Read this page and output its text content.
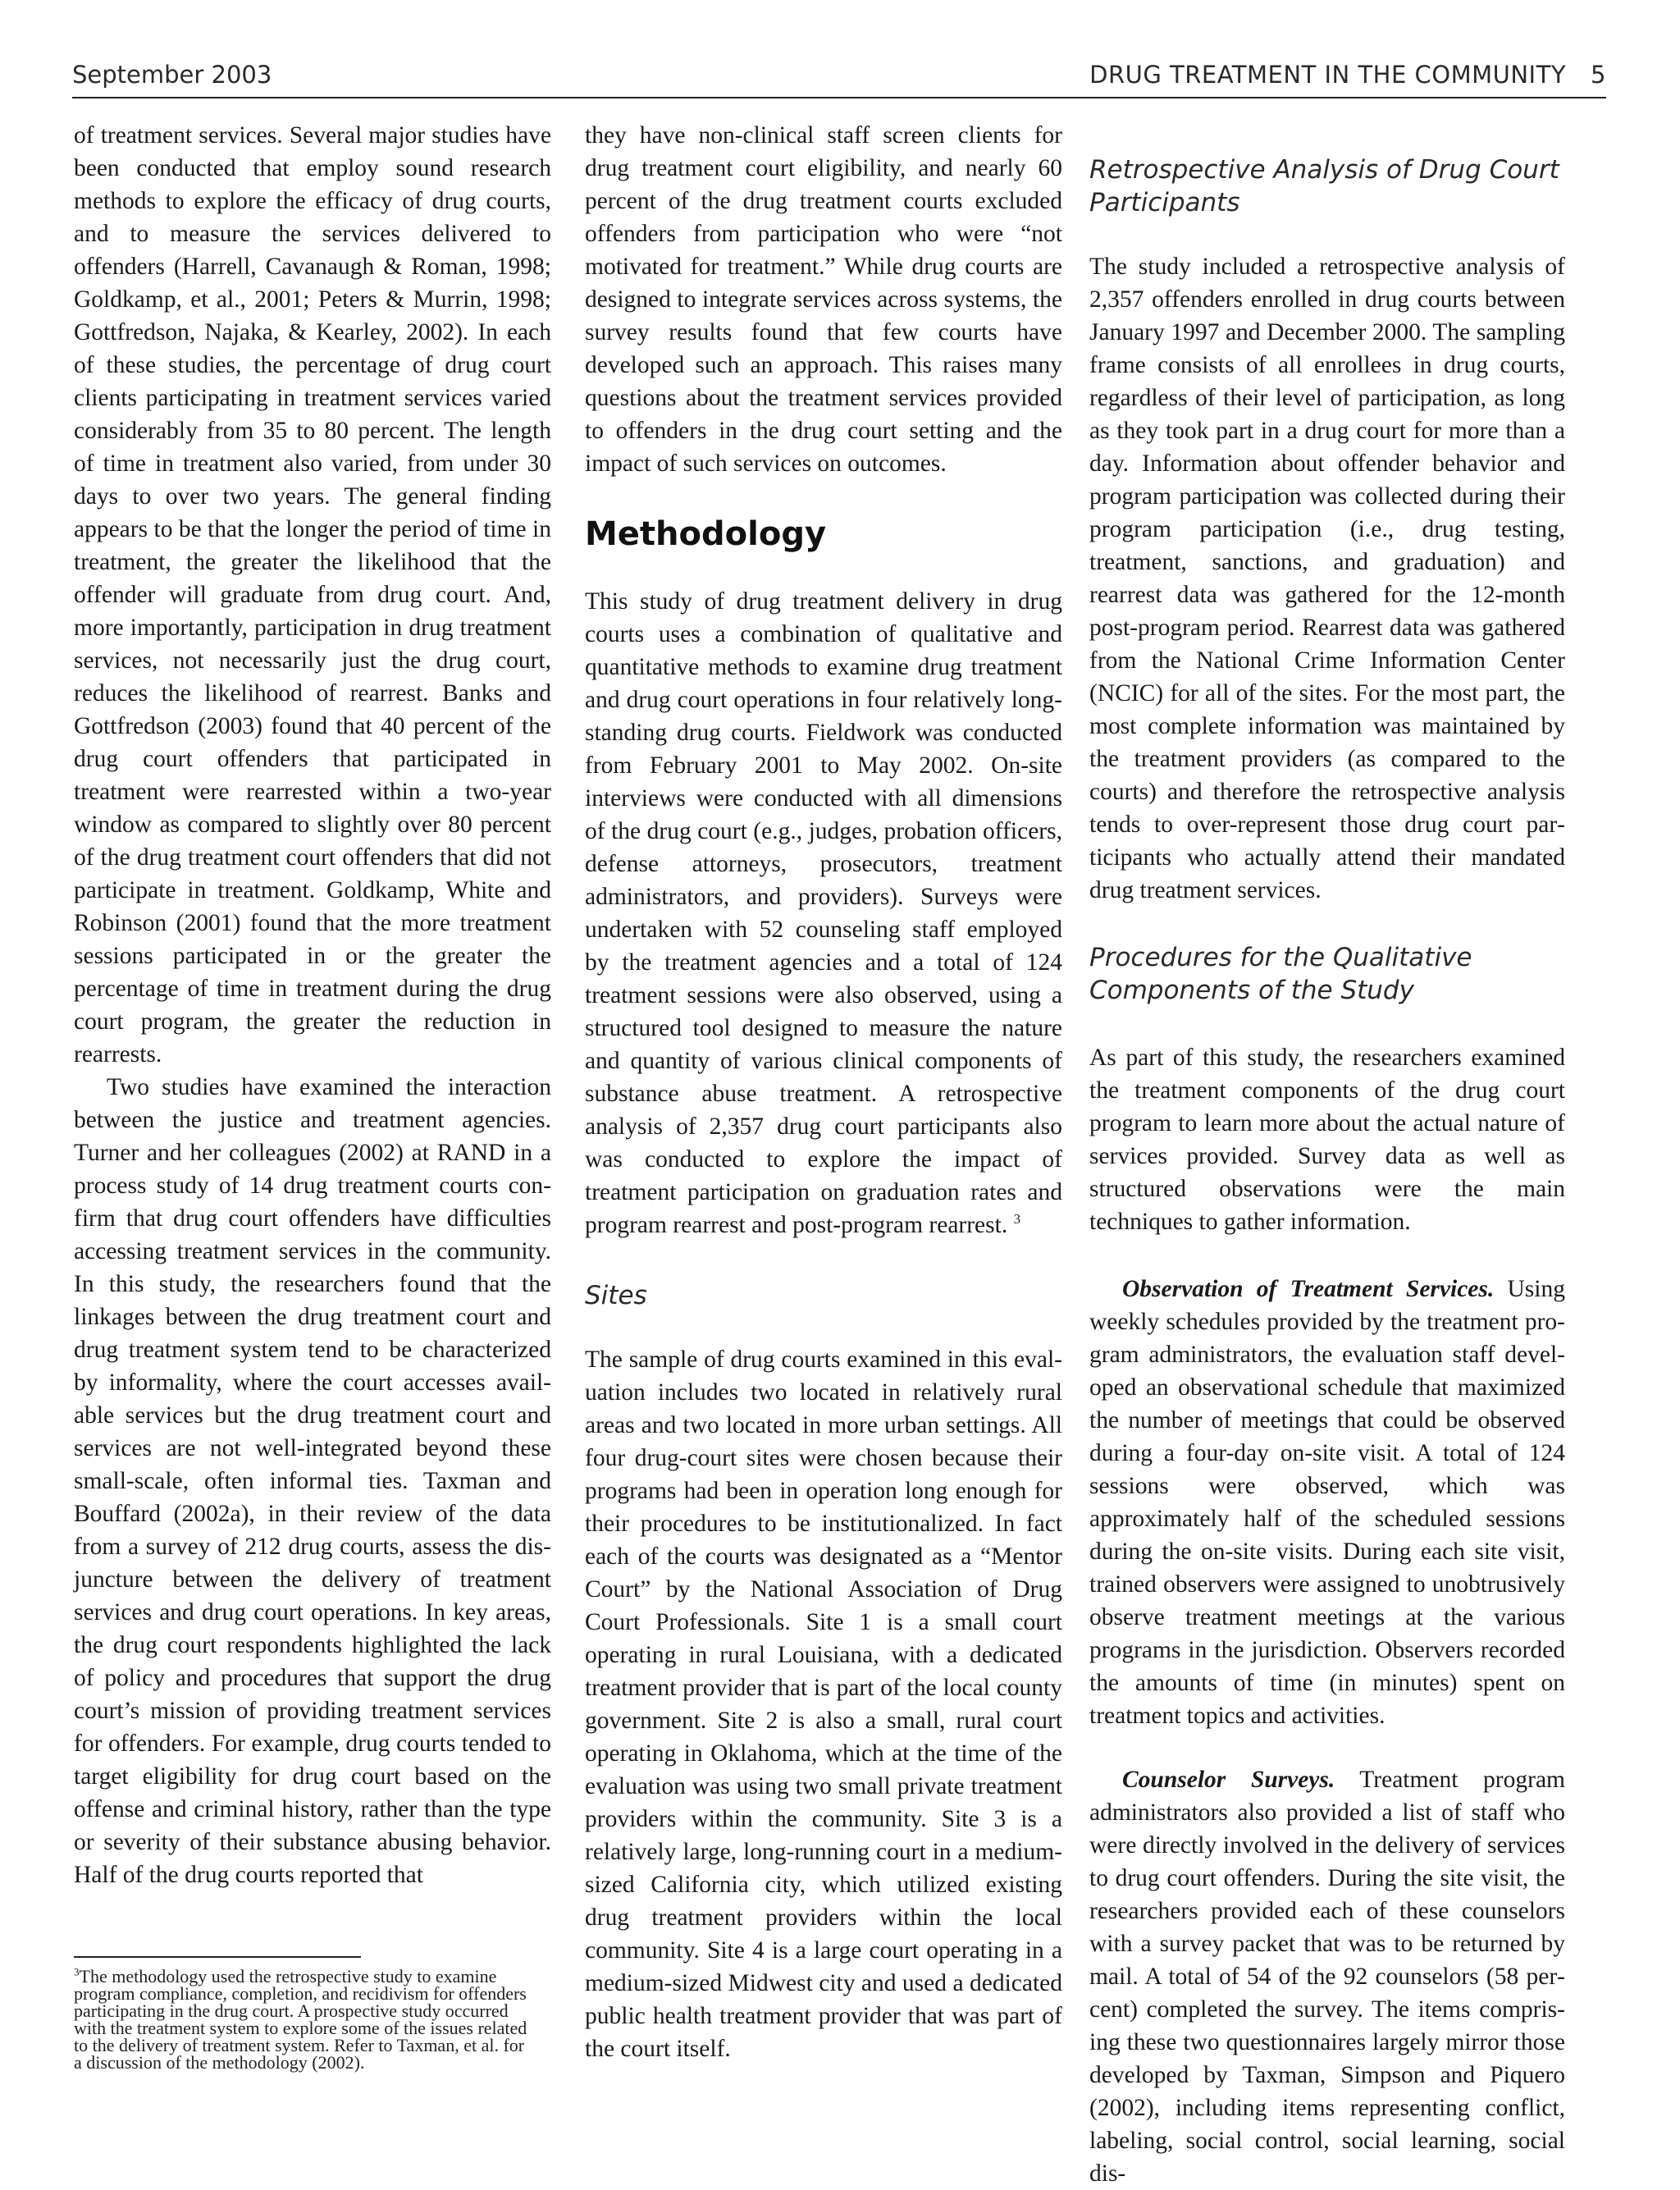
September 2003	DRUG TREATMENT IN THE COMMUNITY 5

of treatment services. Several major studies have been conducted that employ sound research methods to explore the efficacy of drug courts, and to measure the services delivered to offenders (Harrell, Cavanaugh & Roman, 1998; Goldkamp, et al., 2001; Peters & Murrin, 1998; Gottfredson, Najaka, & Kearley, 2002). In each of these studies, the percentage of drug court clients participating in treatment services varied considerably from 35 to 80 percent. The length of time in treatment also varied, from under 30 days to over two years. The general finding appears to be that the longer the period of time in treatment, the greater the likelihood that the offender will graduate from drug court. And, more importantly, participation in drug treatment services, not necessarily just the drug court, reduces the likelihood of rearrest. Banks and Gottfredson (2003) found that 40 percent of the drug court offenders that participated in treatment were rearrested within a two-year window as compared to slightly over 80 percent of the drug treatment court offenders that did not participate in treatment. Goldkamp, White and Robinson (2001) found that the more treatment sessions participated in or the greater the percentage of time in treatment during the drug court program, the greater the reduction in rearrests.

Two studies have examined the interaction between the justice and treatment agencies. Turner and her colleagues (2002) at RAND in a process study of 14 drug treatment courts confirm that drug court offenders have difficulties accessing treatment services in the community. In this study, the researchers found that the linkages between the drug treatment court and drug treatment system tend to be characterized by informality, where the court accesses available services but the drug treatment court and services are not well-integrated beyond these small-scale, often informal ties. Taxman and Bouffard (2002a), in their review of the data from a survey of 212 drug courts, assess the disjuncture between the delivery of treatment services and drug court operations. In key areas, the drug court respondents highlighted the lack of policy and procedures that support the drug court’s mission of providing treatment services for offenders. For example, drug courts tended to target eligibility for drug court based on the offense and criminal history, rather than the type or severity of their substance abusing behavior. Half of the drug courts reported that

$^3$The methodology used the retrospective study to examine program compliance, completion, and recidivism for offenders participating in the drug court. A prospective study occurred with the treatment system to explore some of the issues related to the delivery of treatment system. Refer to Taxman, et al. for a discussion of the methodology (2002).

they have non-clinical staff screen clients for drug treatment court eligibility, and nearly 60 percent of the drug treatment courts excluded offenders from participation who were “not motivated for treatment.” While drug courts are designed to integrate services across systems, the survey results found that few courts have developed such an approach. This raises many questions about the treatment services provided to offenders in the drug court setting and the impact of such services on outcomes.

Methodology

This study of drug treatment delivery in drug courts uses a combination of qualitative and quantitative methods to examine drug treatment and drug court operations in four relatively long-standing drug courts. Fieldwork was conducted from February 2001 to May 2002. On-site interviews were conducted with all dimensions of the drug court (e.g., judges, probation officers, defense attorneys, prosecutors, treatment administrators, and providers). Surveys were undertaken with 52 counseling staff employed by the treatment agencies and a total of 124 treatment sessions were also observed, using a structured tool designed to measure the nature and quantity of various clinical components of substance abuse treatment. A retrospective analysis of 2,357 drug court participants also was conducted to explore the impact of treatment participation on graduation rates and program rearrest and post-program rearrest. $^3$

Sites

The sample of drug courts examined in this evaluation includes two located in relatively rural areas and two located in more urban settings. All four drug-court sites were chosen because their programs had been in operation long enough for their procedures to be institutionalized. In fact each of the courts was designated as a “Mentor Court” by the National Association of Drug Court Professionals. Site 1 is a small court operating in rural Louisiana, with a dedicated treatment provider that is part of the local county government. Site 2 is also a small, rural court operating in Oklahoma, which at the time of the evaluation was using two small private treatment providers within the community. Site 3 is a relatively large, long-running court in a medium-sized California city, which utilized existing drug treatment providers within the local community. Site 4 is a large court operating in a medium-sized Midwest city and used a dedicated public health treatment provider that was part of the court itself.

Retrospective Analysis of Drug Court Participants

The study included a retrospective analysis of 2,357 offenders enrolled in drug courts between January 1997 and December 2000. The sampling frame consists of all enrollees in drug courts, regardless of their level of participation, as long as they took part in a drug court for more than a day. Information about offender behavior and program participation was collected during their program participation (i.e., drug testing, treatment, sanctions, and graduation) and rearrest data was gathered for the 12-month post-program period. Rearrest data was gathered from the National Crime Information Center (NCIC) for all of the sites. For the most part, the most complete information was maintained by the treatment providers (as compared to the courts) and therefore the retrospective analysis tends to over-represent those drug court participants who actually attend their mandated drug treatment services.

Procedures for the Qualitative Components of the Study

As part of this study, the researchers examined the treatment components of the drug court program to learn more about the actual nature of services provided. Survey data as well as structured observations were the main techniques to gather information.

Observation of Treatment Services. Using weekly schedules provided by the treatment program administrators, the evaluation staff developed an observational schedule that maximized the number of meetings that could be observed during a four-day on-site visit. A total of 124 sessions were observed, which was approximately half of the scheduled sessions during the on-site visits. During each site visit, trained observers were assigned to unobtrusively observe treatment meetings at the various programs in the jurisdiction. Observers recorded the amounts of time (in minutes) spent on treatment topics and activities.

Counselor Surveys. Treatment program administrators also provided a list of staff who were directly involved in the delivery of services to drug court offenders. During the site visit, the researchers provided each of these counselors with a survey packet that was to be returned by mail. A total of 54 of the 92 counselors (58 percent) completed the survey. The items comprising these two questionnaires largely mirror those developed by Taxman, Simpson and Piquero (2002), including items representing conflict, labeling, social control, social learning, social dis-
